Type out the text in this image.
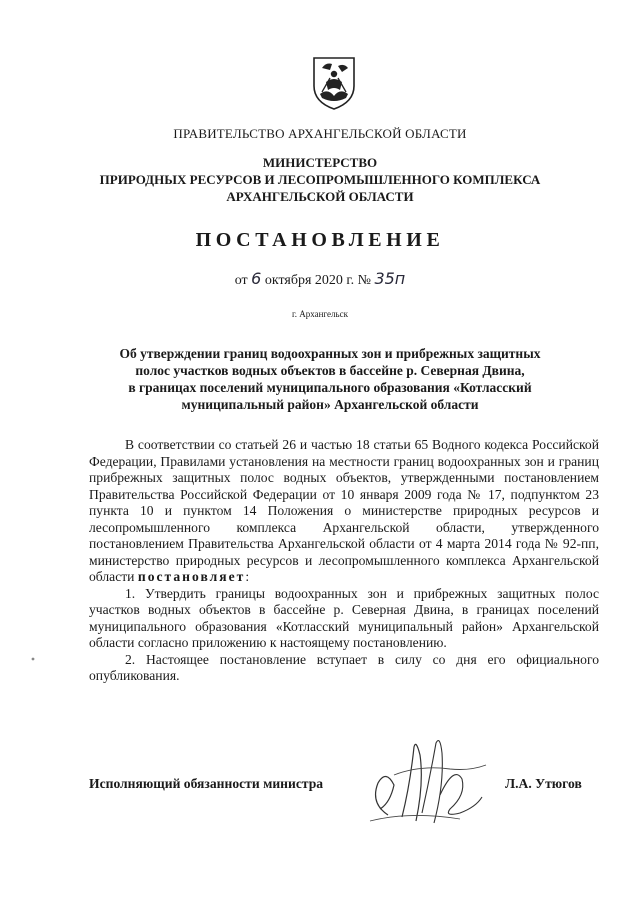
ПРАВИТЕЛЬСТВО АРХАНГЕЛЬСКОЙ ОБЛАСТИ
МИНИСТЕРСТВО
ПРИРОДНЫХ РЕСУРСОВ И ЛЕСОПРОМЫШЛЕННОГО КОМПЛЕКСА
АРХАНГЕЛЬСКОЙ ОБЛАСТИ
ПОСТАНОВЛЕНИЕ
от 6 октября 2020 г. № 35п
г. Архангельск
Об утверждении границ водоохранных зон и прибрежных защитных
полос участков водных объектов в бассейне р. Северная Двина,
в границах поселений муниципального образования «Котласский
муниципальный район» Архангельской области

В соответствии со статьей 26 и частью 18 статьи 65 Водного кодекса Российской Федерации, Правилами установления на местности границ водоохранных зон и границ прибрежных защитных полос водных объектов, утвержденными постановлением Правительства Российской Федерации от 10 января 2009 года № 17, подпунктом 23 пункта 10 и пунктом 14 Положения о министерстве природных ресурсов и лесопромышленного комплекса Архангельской области, утвержденного постановлением Правительства Архангельской области от 4 марта 2014 года № 92-пп, министерство природных ресурсов и лесопромышленного комплекса Архангельской области постановляет:

1. Утвердить границы водоохранных зон и прибрежных защитных полос участков водных объектов в бассейне р. Северная Двина, в границах поселений муниципального образования «Котласский муниципальный район» Архангельской области согласно приложению к настоящему постановлению.

2. Настоящее постановление вступает в силу со дня его официального опубликования.

Исполняющий обязанности министра	Л.А. Утюгов
